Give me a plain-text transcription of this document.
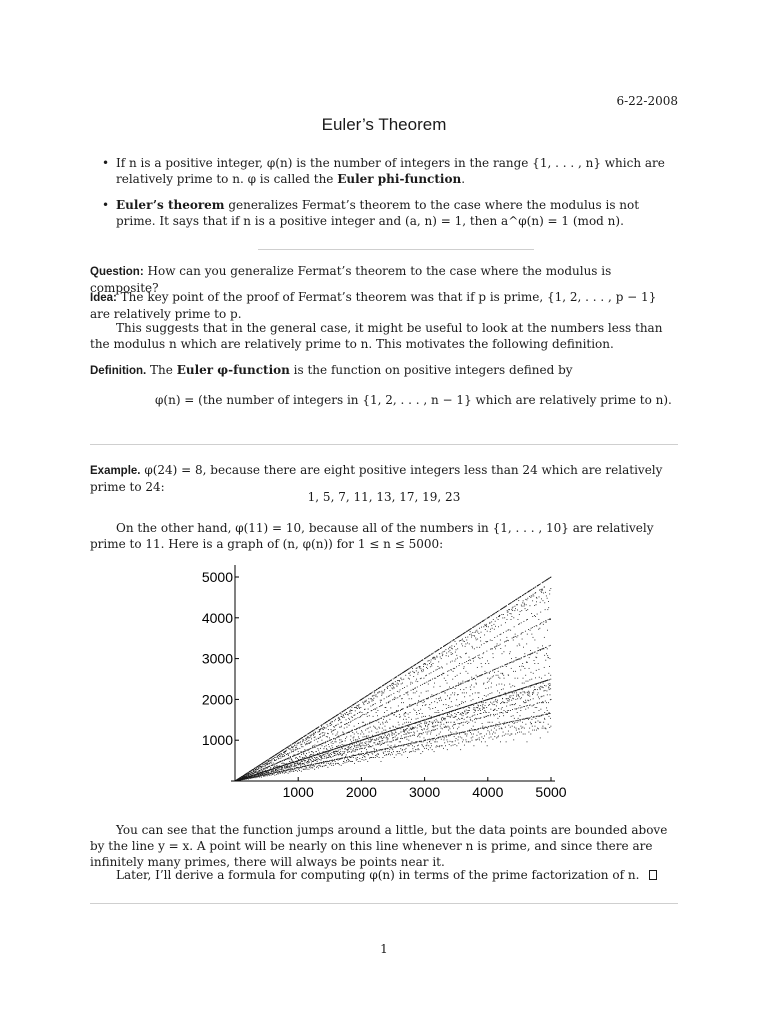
6-22-2008
Euler’s Theorem
• If n is a positive integer, φ(n) is the number of integers in the range {1, . . . , n} which are relatively prime to n. φ is called the Euler phi-function.
• Euler’s theorem generalizes Fermat’s theorem to the case where the modulus is not prime. It says that if n is a positive integer and (a, n) = 1, then a^φ(n) = 1 (mod n).
Question: How can you generalize Fermat’s theorem to the case where the modulus is composite?
Idea: The key point of the proof of Fermat’s theorem was that if p is prime, {1, 2, . . . , p − 1} are relatively prime to p.
This suggests that in the general case, it might be useful to look at the numbers less than the modulus n which are relatively prime to n. This motivates the following definition.
Definition. The Euler φ-function is the function on positive integers defined by
φ(n) = (the number of integers in {1, 2, . . . , n − 1} which are relatively prime to n).
Example. φ(24) = 8, because there are eight positive integers less than 24 which are relatively prime to 24:
1, 5, 7, 11, 13, 17, 19, 23
On the other hand, φ(11) = 10, because all of the numbers in {1, . . . , 10} are relatively prime to 11. Here is a graph of (n, φ(n)) for 1 ≤ n ≤ 5000:
1000 2000 3000 4000 5000
1000
2000
3000
4000
5000
You can see that the function jumps around a little, but the data points are bounded above by the line y = x. A point will be nearly on this line whenever n is prime, and since there are infinitely many primes, there will always be points near it.
Later, I’ll derive a formula for computing φ(n) in terms of the prime factorization of n.
1
